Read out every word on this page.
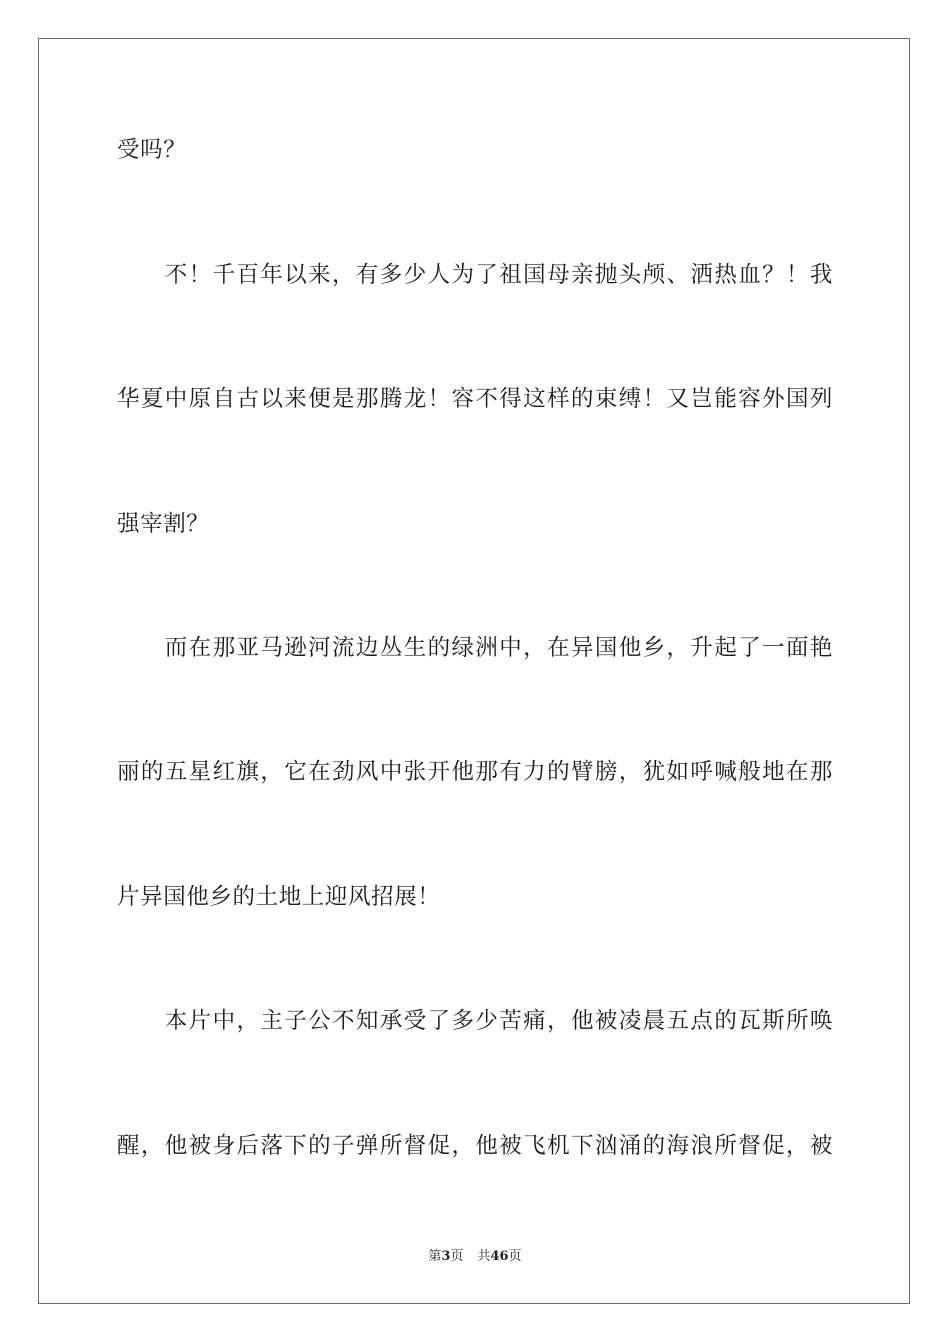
受吗？
　　不！千百年以来，有多少人为了祖国母亲抛头颅、洒热血？！我
华夏中原自古以来便是那腾龙！容不得这样的束缚！又岂能容外国列
强宰割？
　　而在那亚马逊河流边丛生的绿洲中，在异国他乡，升起了一面艳
丽的五星红旗，它在劲风中张开他那有力的臂膀，犹如呼喊般地在那
片异国他乡的土地上迎风招展！
　　本片中，主子公不知承受了多少苦痛，他被凌晨五点的瓦斯所唤
醒，他被身后落下的子弹所督促，他被飞机下汹涌的海浪所督促，被
第3页 共46页
